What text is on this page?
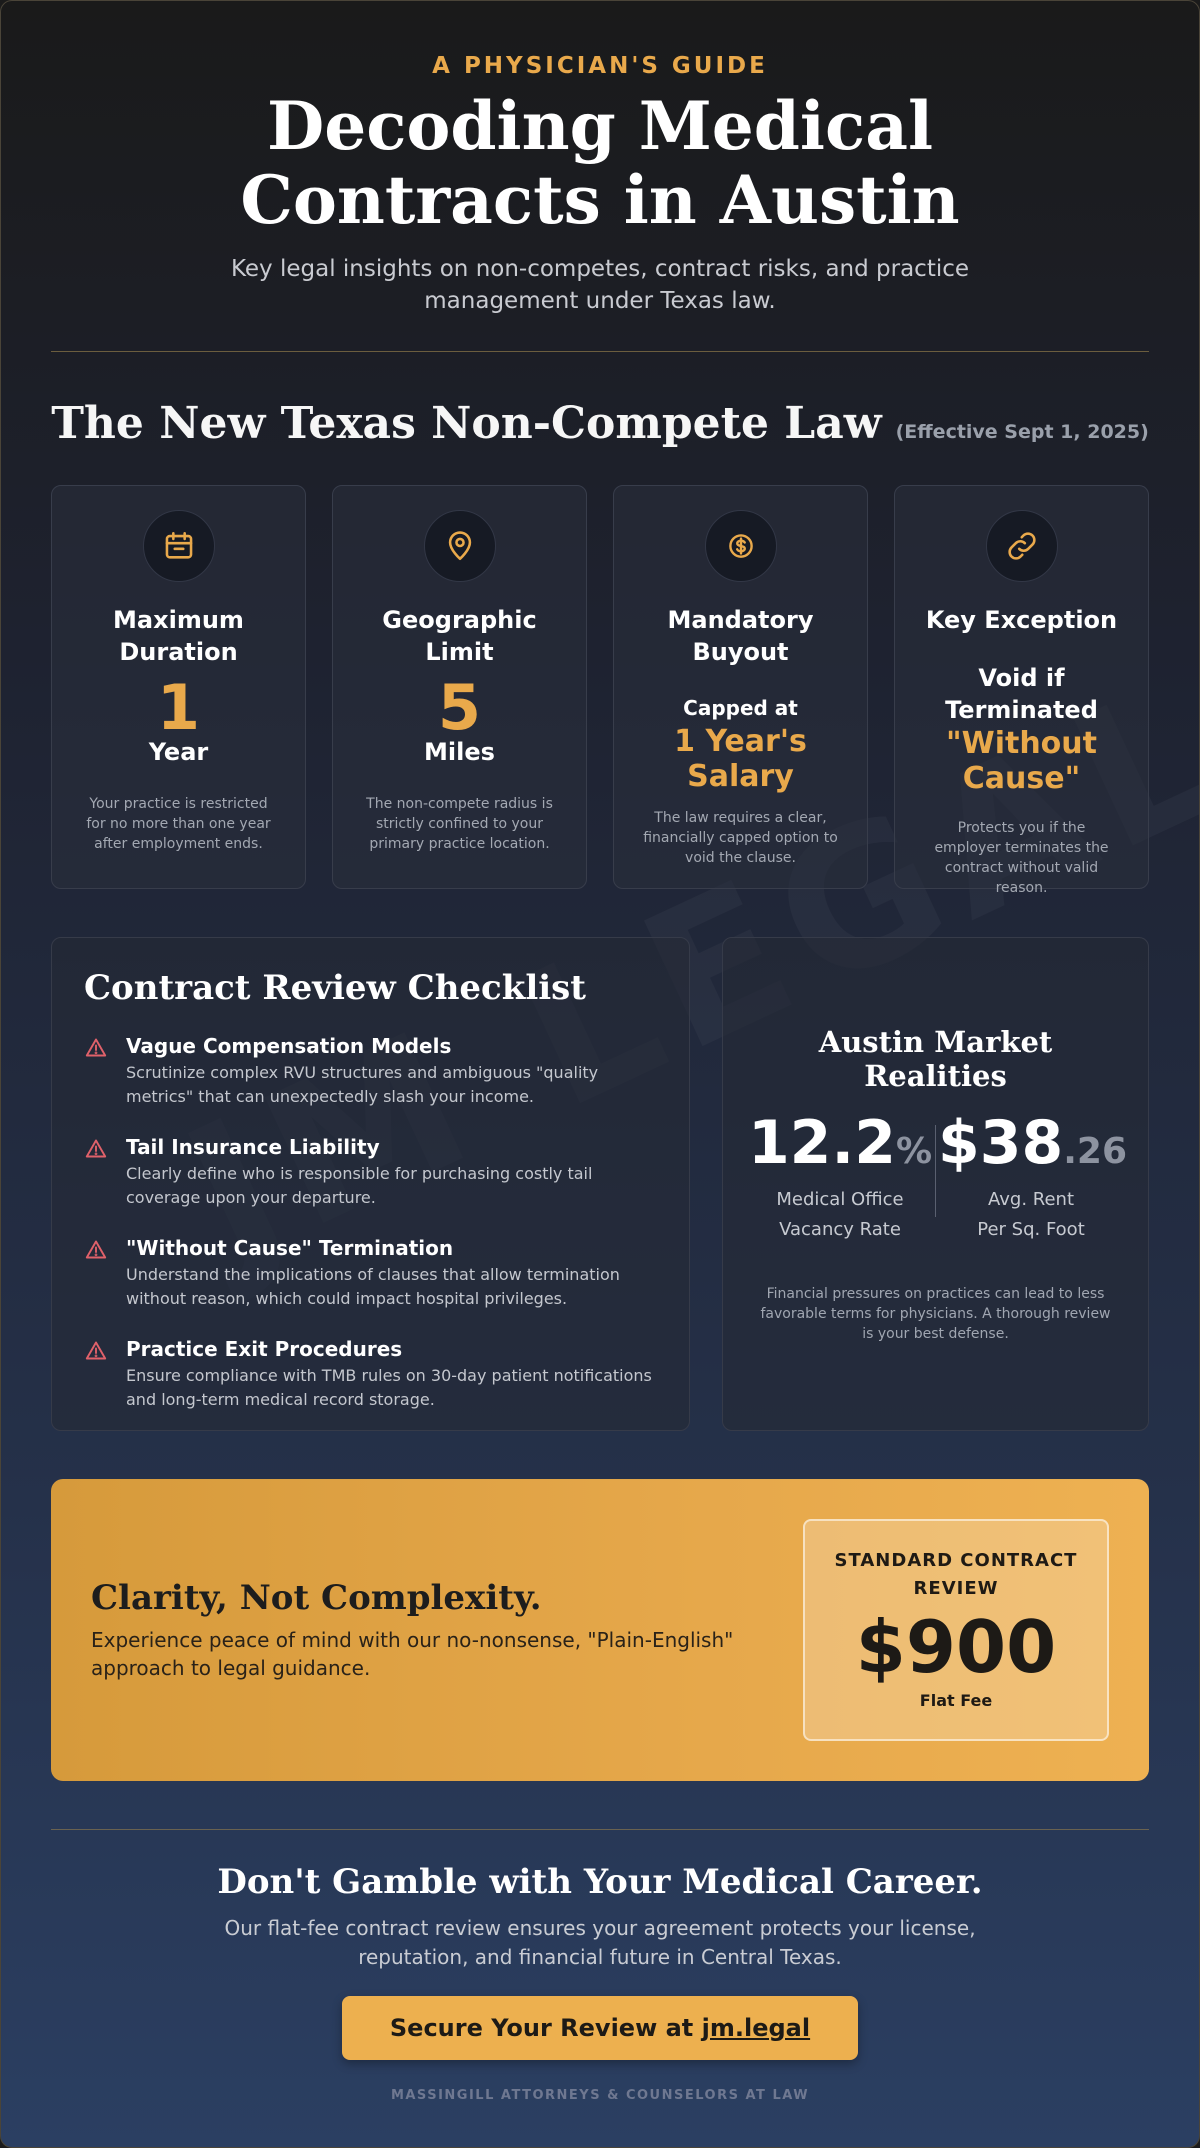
A PHYSICIAN'S GUIDE
Decoding Medical Contracts in Austin

Key legal insights on non-competes, contract risks, and practice management under Texas law.

The New Texas Non-Compete Law (Effective Sept 1, 2025)
Maximum Duration
1
Year
Your practice is restricted for no more than one year after employment ends.
Geographic Limit
5
Miles
The non-compete radius is strictly confined to your primary practice location.
Mandatory Buyout
Capped at
1 Year's Salary
The law requires a clear, financially capped option to void the clause.
Key Exception
Void if Terminated
"Without Cause"
Protects you if the employer terminates the contract without valid reason.
Contract Review Checklist
Vague Compensation Models
Scrutinize complex RVU structures and ambiguous "quality metrics" that can unexpectedly slash your income.
Tail Insurance Liability
Clearly define who is responsible for purchasing costly tail coverage upon your departure.
"Without Cause" Termination
Understand the implications of clauses that allow termination without reason, which could impact hospital privileges.
Practice Exit Procedures
Ensure compliance with TMB rules on 30-day patient notifications and long-term medical record storage.
Austin Market Realities
12.2%
Medical Office
Vacancy Rate
$38.26
Avg. Rent
Per Sq. Foot
Financial pressures on practices can lead to less favorable terms for physicians. A thorough review is your best defense.
Clarity, Not Complexity.
Experience peace of mind with our no-nonsense, "Plain-English" approach to legal guidance.
STANDARD CONTRACT REVIEW
$900
Flat Fee
Don't Gamble with Your Medical Career.
Our flat-fee contract review ensures your agreement protects your license, reputation, and financial future in Central Texas.
Secure Your Review at jm.legal
MASSINGILL ATTORNEYS & COUNSELORS AT LAW
